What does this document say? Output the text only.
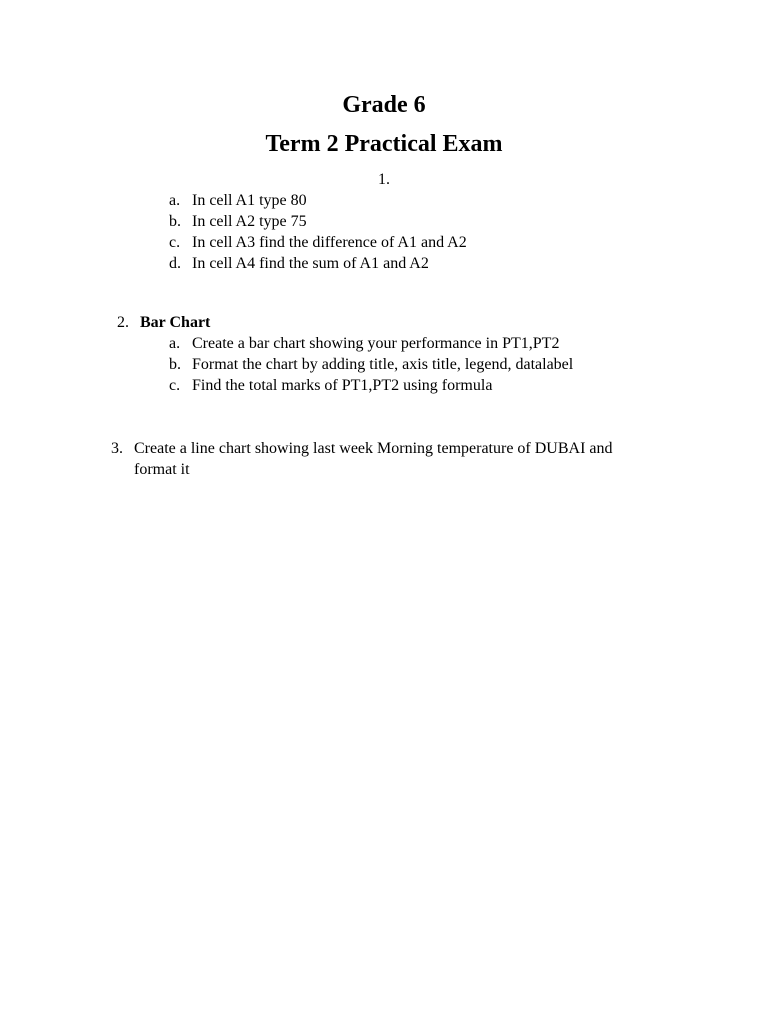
Grade 6
Term 2 Practical Exam
1.
a. In cell A1 type 80
b. In cell A2 type 75
c. In cell A3 find the difference of A1 and A2
d. In cell A4 find the sum of A1 and A2
2. Bar Chart
a. Create a bar chart showing your performance in PT1,PT2
b. Format the chart by adding title, axis title, legend, datalabel
c. Find the total marks of PT1,PT2 using formula
3. Create a line chart showing last week Morning temperature of DUBAI and
format it
